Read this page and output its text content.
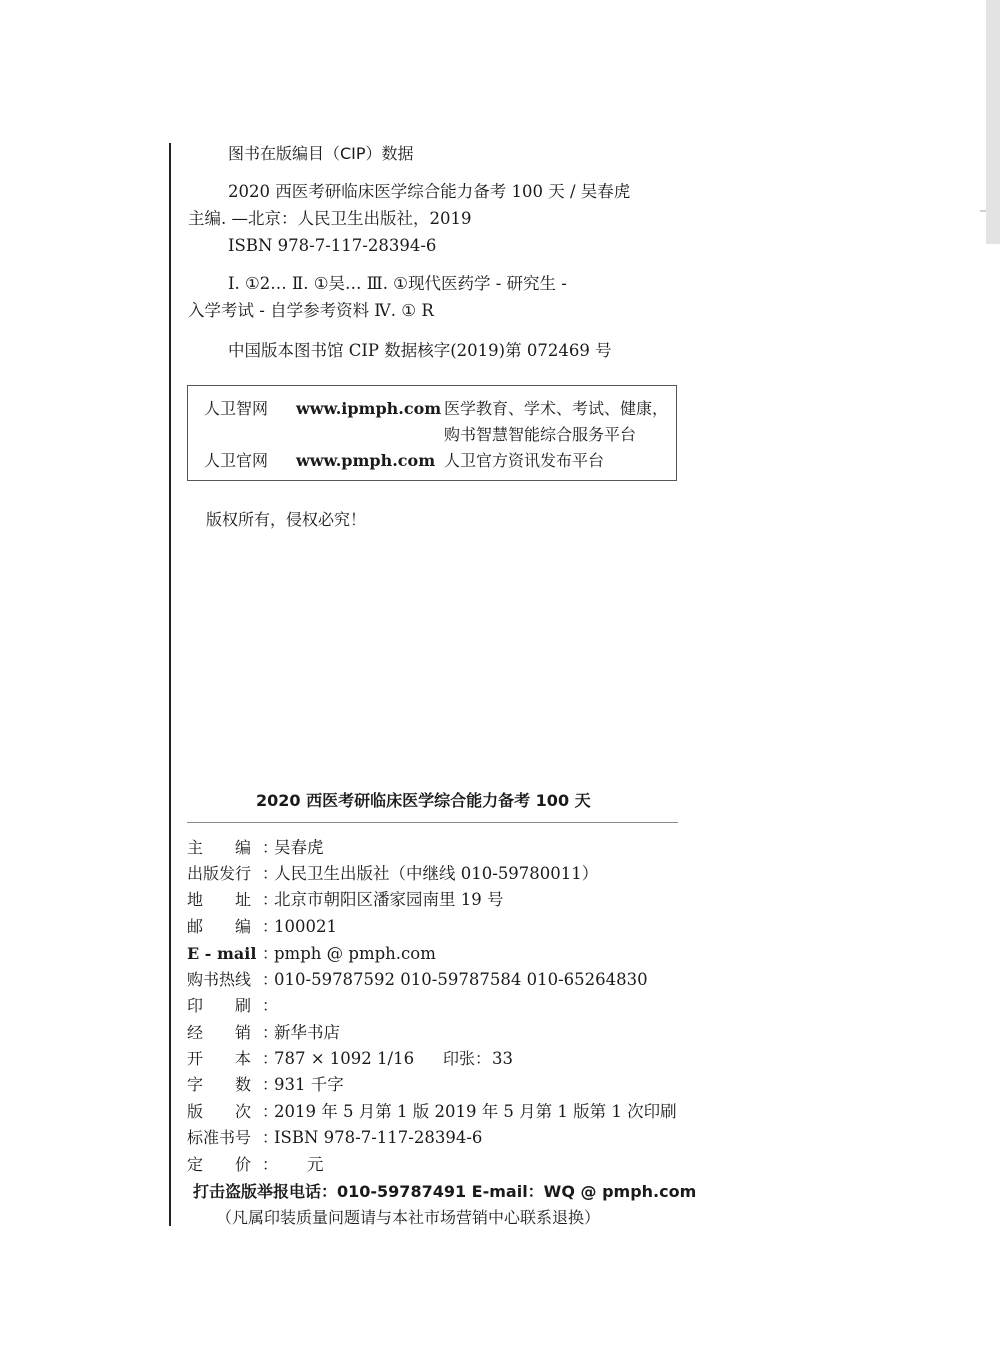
图书在版编目（CIP）数据
2020 西医考研临床医学综合能力备考 100 天 / 吴春虎
主编. —北京：人民卫生出版社，2019
ISBN 978-7-117-28394-6
Ⅰ. ①2… Ⅱ. ①吴… Ⅲ. ①现代医药学 - 研究生 -
入学考试 - 自学参考资料 Ⅳ. ① R
中国版本图书馆 CIP 数据核字(2019)第 072469 号
人卫智网 www.ipmph.com 医学教育、学术、考试、健康，
购书智慧智能综合服务平台
人卫官网 www.pmph.com 人卫官方资讯发布平台
版权所有，侵权必究！
2020 西医考研临床医学综合能力备考 100 天
主　　编 ：
吴春虎
出版发行 ：
人民卫生出版社（中继线 010-59780011）
地　　址 ：
北京市朝阳区潘家园南里 19 号
邮　　编 ：
100021
E - mail ：
pmph @ pmph.com
购书热线 ：
010-59787592 010-59787584 010-65264830
印　　刷 ：
经　　销 ：
新华书店
开　　本 ：
787 × 1092 1/16 印张： 33
字　　数 ：
931 千字
版　　次 ：
2019 年 5 月第 1 版 2019 年 5 月第 1 版第 1 次印刷
标准书号 ：
ISBN 978-7-117-28394-6
定　　价 ：
　　元
打击盗版举报电话：010-59787491 E-mail：WQ @ pmph.com
（凡属印装质量问题请与本社市场营销中心联系退换）
